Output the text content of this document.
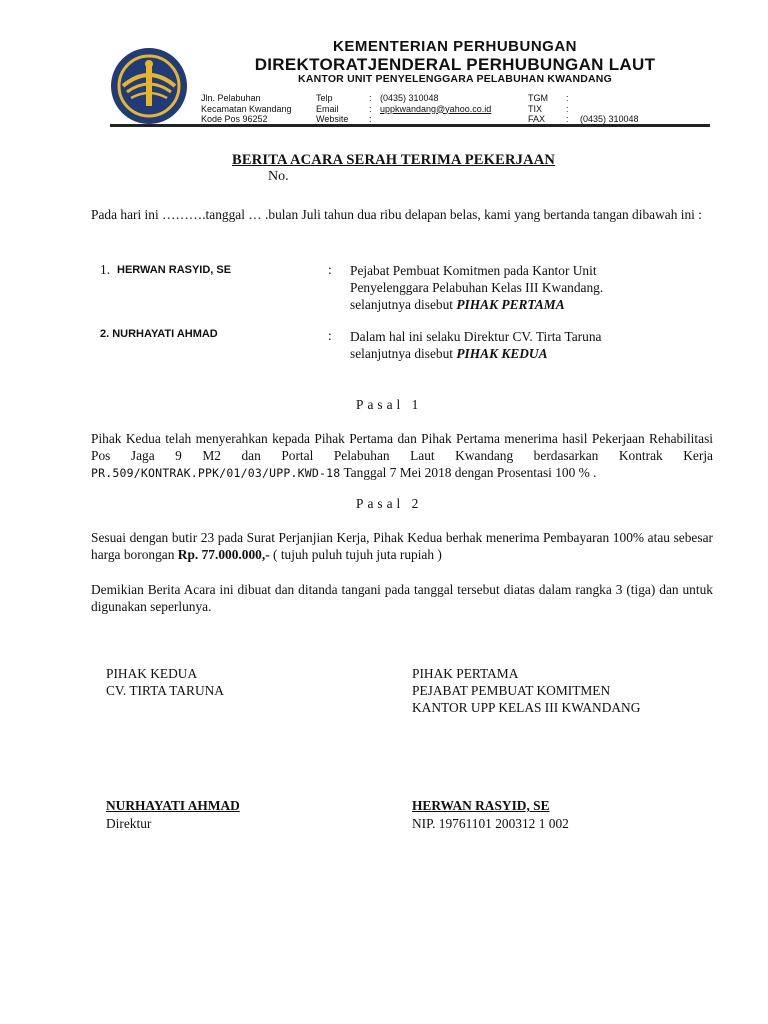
KEMENTERIAN PERHUBUNGAN
DIREKTORATJENDERAL PERHUBUNGAN LAUT
KANTOR UNIT PENYELENGGARA PELABUHAN KWANDANG
Jln. Pelabuhan
Kecamatan Kwandang
Kode Pos 96252
Telp
Email
Website
:
:
:
(0435) 310048
uppkwandang@yahoo.co.id

TGM
TIX
FAX
:
:
:

(0435) 310048
BERITA ACARA SERAH TERIMA PEKERJAAN
No.
Pada hari ini ……….tanggal … .bulan Juli tahun dua ribu delapan belas, kami yang bertanda tangan dibawah ini :
1. HERWAN RASYID, SE	: Pejabat Pembuat Komitmen pada Kantor Unit
Penyelenggara Pelabuhan Kelas III Kwandang.
selanjutnya disebut PIHAK PERTAMA
2. NURHAYATI AHMAD	: Dalam hal ini selaku Direktur CV. Tirta Taruna
selanjutnya disebut PIHAK KEDUA
Pasal 1
Pihak Kedua telah menyerahkan kepada Pihak Pertama dan Pihak Pertama menerima hasil Pekerjaan Rehabilitasi Pos Jaga 9 M2 dan Portal Pelabuhan Laut Kwandang berdasarkan Kontrak Kerja PR.509/KONTRAK.PPK/01/03/UPP.KWD-18 Tanggal 7 Mei 2018 dengan Prosentasi 100 % .
Pasal 2
Sesuai dengan butir 23 pada Surat Perjanjian Kerja, Pihak Kedua berhak menerima Pembayaran 100% atau sebesar harga borongan Rp. 77.000.000,- ( tujuh puluh tujuh juta rupiah )
Demikian Berita Acara ini dibuat dan ditanda tangani pada tanggal tersebut diatas dalam rangka 3 (tiga) dan untuk digunakan seperlunya.
PIHAK KEDUA
CV. TIRTA TARUNA
PIHAK PERTAMA
PEJABAT PEMBUAT KOMITMEN
KANTOR UPP KELAS III KWANDANG
NURHAYATI AHMAD
Direktur
HERWAN RASYID, SE
NIP. 19761101 200312 1 002
